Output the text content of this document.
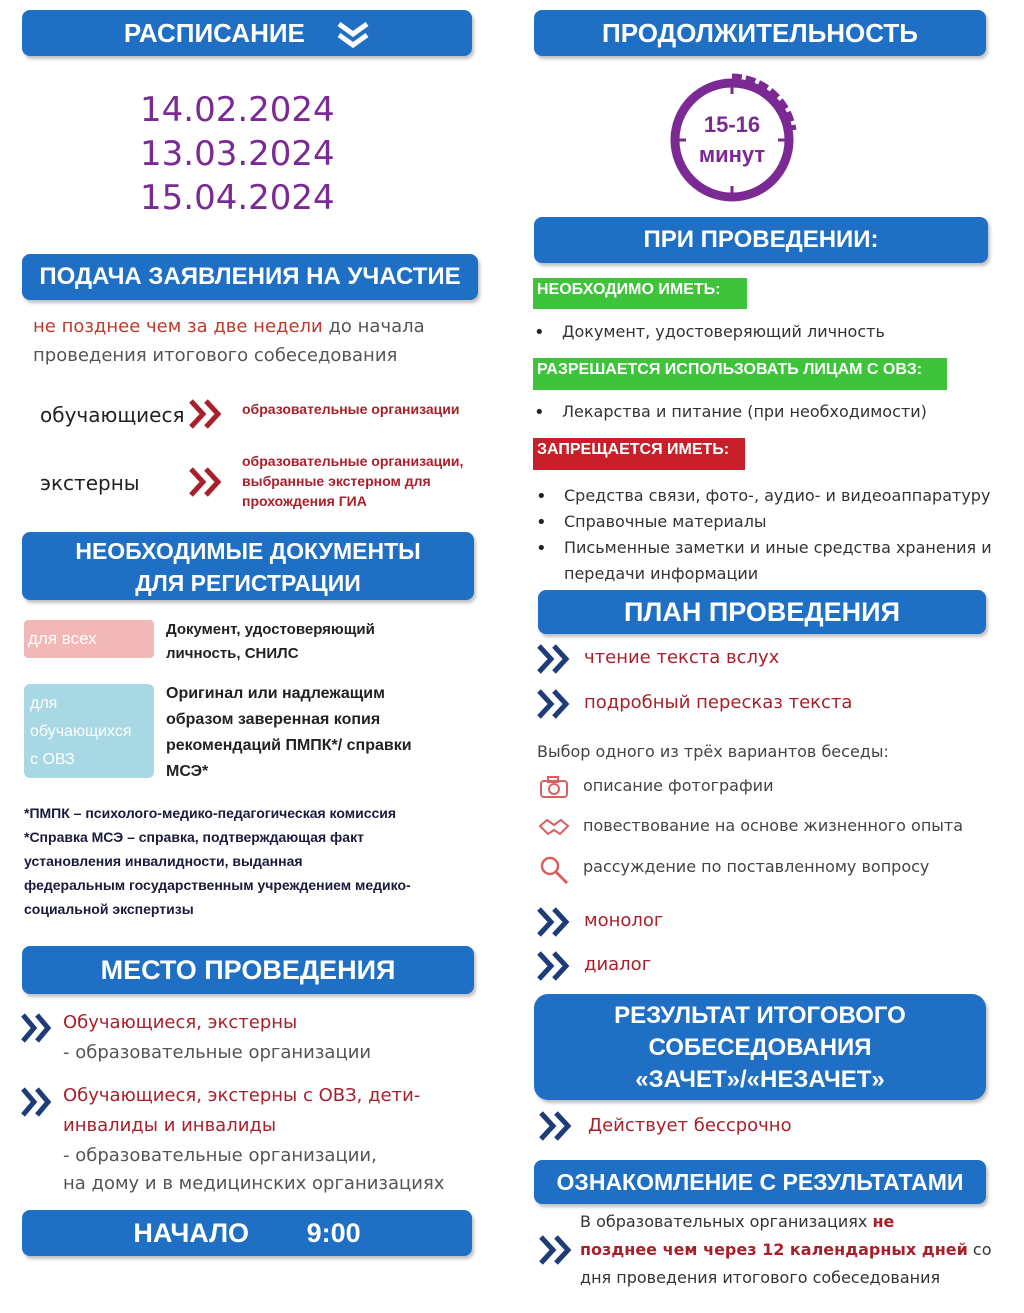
РАСПИСАНИЕ
14.02.2024
13.03.2024
15.04.2024
ПОДАЧА ЗАЯВЛЕНИЯ НА УЧАСТИЕ
не позднее чем за две недели до начала
проведения итогового собеседования
обучающиеся	образовательные организации
экстерны
образовательные организации,
выбранные экстерном для
прохождения ГИА
НЕОБХОДИМЫЕ ДОКУМЕНТЫ
ДЛЯ РЕГИСТРАЦИИ
для всех	Документ, удостоверяющий
личность, СНИЛС
для
обучающихся
с ОВЗ
Оригинал или надлежащим
образом заверенная копия
рекомендаций ПМПК*/ справки
МСЭ*
*ПМПК – психолого-медико-педагогическая комиссия
*Справка МСЭ – справка, подтверждающая факт
установления инвалидности, выданная
федеральным государственным учреждением медико-
социальной экспертизы
МЕСТО ПРОВЕДЕНИЯ
Обучающиеся, экстерны
- образовательные организации
Обучающиеся, экстерны с ОВЗ, дети-
инвалиды и инвалиды
- образовательные организации,
на дому и в медицинских организациях
НАЧАЛО 9:00
ПРОДОЛЖИТЕЛЬНОСТЬ
15-16
минут
ПРИ ПРОВЕДЕНИИ:
НЕОБХОДИМО ИМЕТЬ:
• Документ, удостоверяющий личность
РАЗРЕШАЕТСЯ ИСПОЛЬЗОВАТЬ ЛИЦАМ С ОВЗ:
• Лекарства и питание (при необходимости)
ЗАПРЕЩАЕТСЯ ИМЕТЬ:
• Средства связи, фото-, аудио- и видеоаппаратуру
• Справочные материалы
• Письменные заметки и иные средства хранения и
передачи информации
ПЛАН ПРОВЕДЕНИЯ
чтение текста вслух
подробный пересказ текста
Выбор одного из трёх вариантов беседы:
описание фотографии
повествование на основе жизненного опыта
рассуждение по поставленному вопросу
монолог
диалог
РЕЗУЛЬТАТ ИТОГОВОГО
СОБЕСЕДОВАНИЯ
«ЗАЧЕТ»/«НЕЗАЧЕТ»
Действует бессрочно
ОЗНАКОМЛЕНИЕ С РЕЗУЛЬТАТАМИ
В образовательных организациях не
позднее чем через 12 календарных дней со
дня проведения итогового собеседования
